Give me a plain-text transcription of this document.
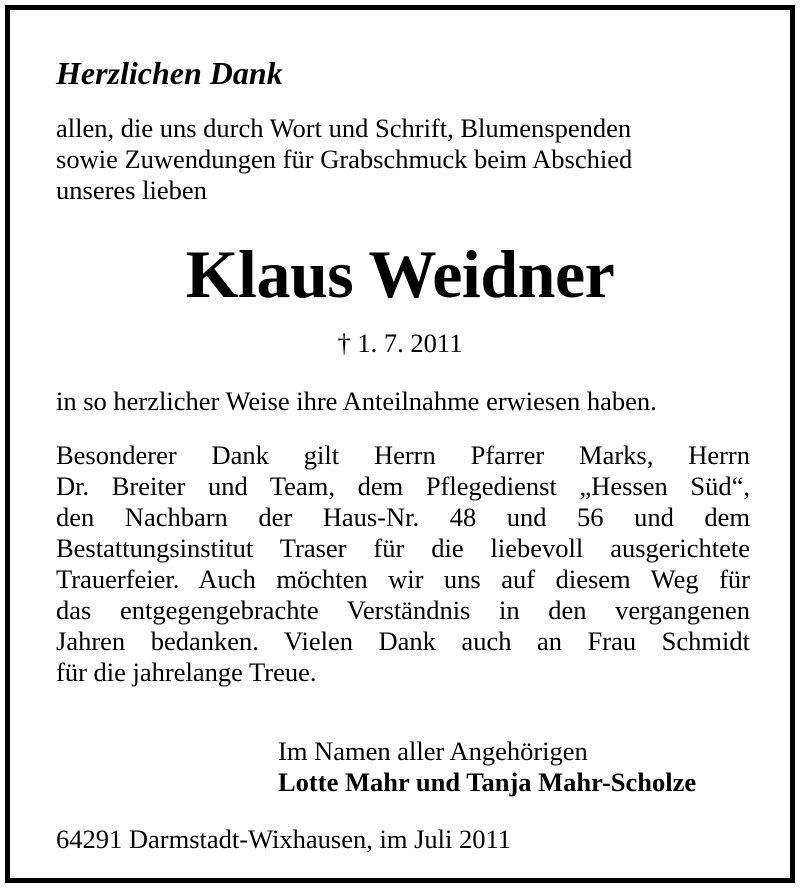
Herzlichen Dank
allen, die uns durch Wort und Schrift, Blumenspenden
sowie Zuwendungen für Grabschmuck beim Abschied
unseres lieben
Klaus Weidner
† 1. 7. 2011
in so herzlicher Weise ihre Anteilnahme erwiesen haben.
Besonderer Dank gilt Herrn Pfarrer Marks, Herrn
Dr. Breiter und Team, dem Pflegedienst „Hessen Süd“,
den Nachbarn der Haus-Nr. 48 und 56 und dem
Bestattungsinstitut Traser für die liebevoll ausgerichtete
Trauerfeier. Auch möchten wir uns auf diesem Weg für
das entgegengebrachte Verständnis in den vergangenen
Jahren bedanken. Vielen Dank auch an Frau Schmidt
für die jahrelange Treue.
Im Namen aller Angehörigen
Lotte Mahr und Tanja Mahr-Scholze
64291 Darmstadt-Wixhausen, im Juli 2011
